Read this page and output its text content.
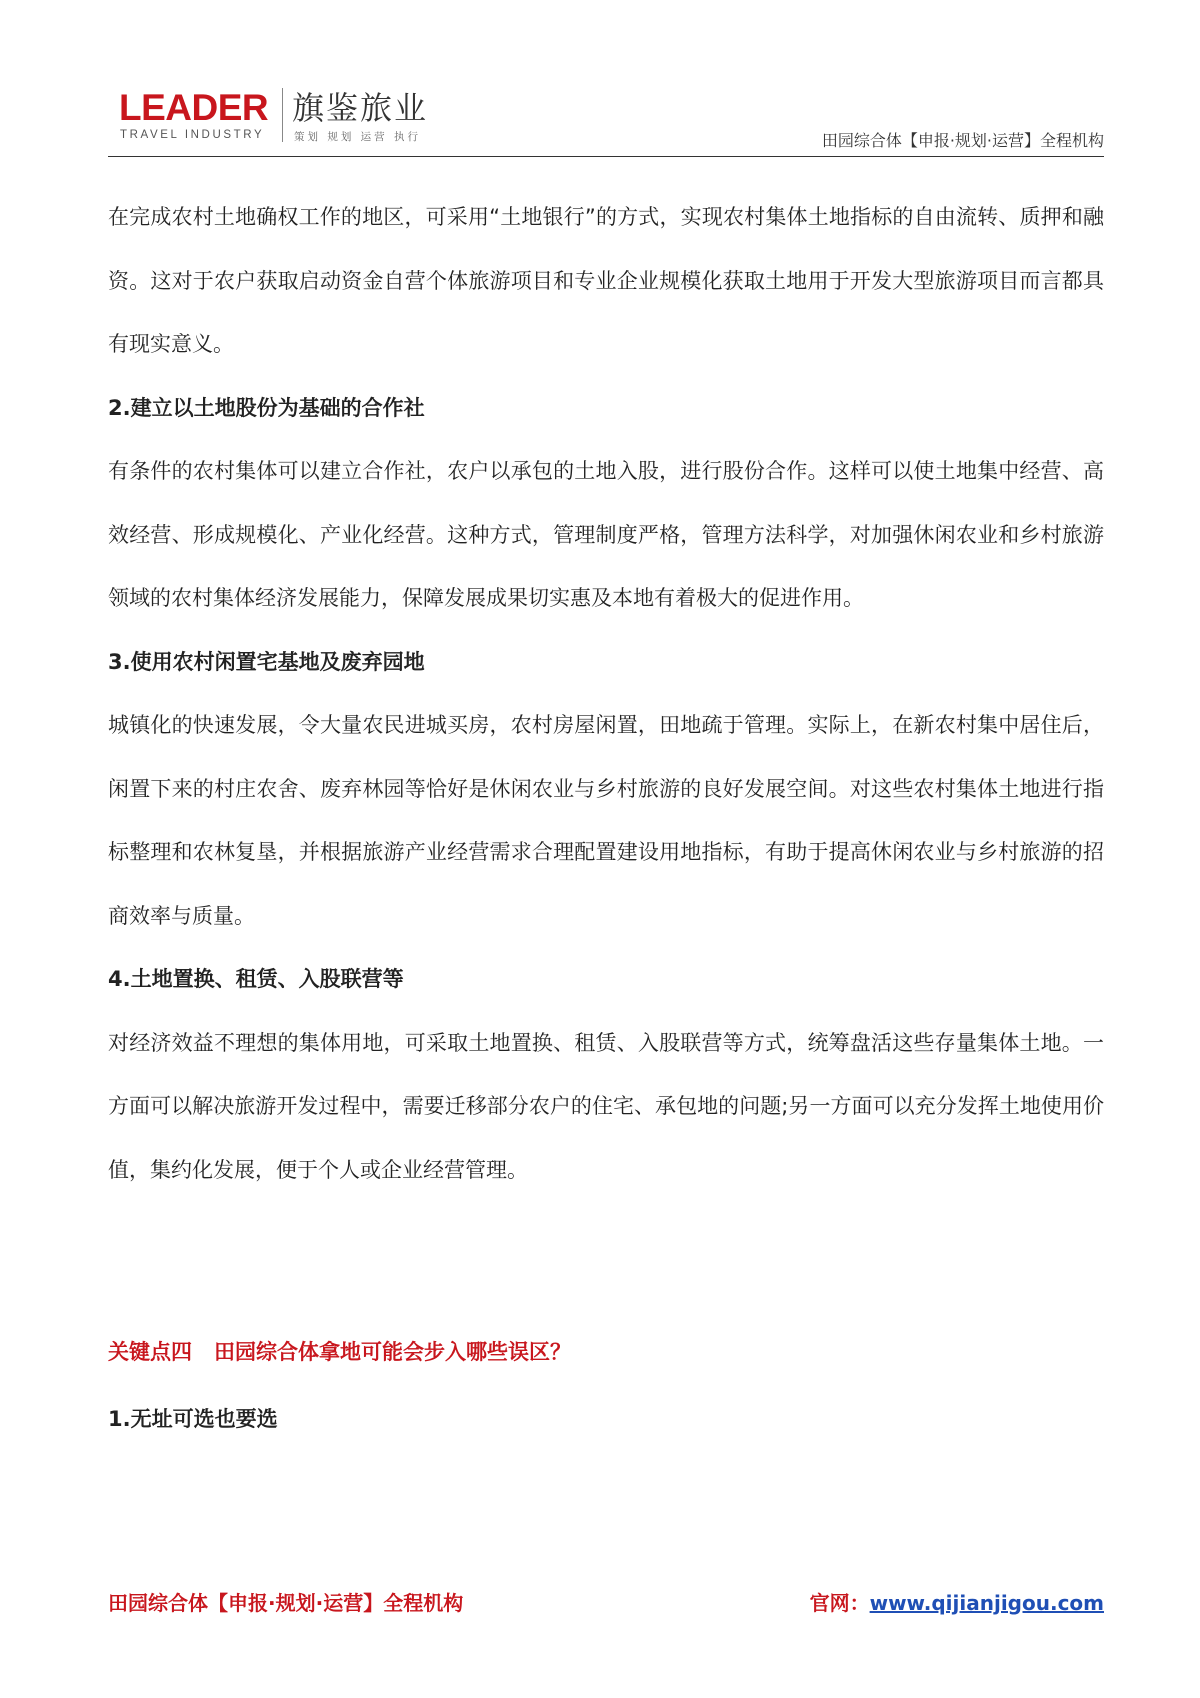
LEADER
TRAVEL INDUSTRY
旗鉴旅业
策划 规划 运营 执行	田园综合体【申报·规划·运营】全程机构

在完成农村土地确权工作的地区，可采用“土地银行”的方式，实现农村集体土地指标的自由流转、质押和融资。这对于农户获取启动资金自营个体旅游项目和专业企业规模化获取土地用于开发大型旅游项目而言都具有现实意义。

2.建立以土地股份为基础的合作社

有条件的农村集体可以建立合作社，农户以承包的土地入股，进行股份合作。这样可以使土地集中经营、高效经营、形成规模化、产业化经营。这种方式，管理制度严格，管理方法科学，对加强休闲农业和乡村旅游领域的农村集体经济发展能力，保障发展成果切实惠及本地有着极大的促进作用。

3.使用农村闲置宅基地及废弃园地

城镇化的快速发展，令大量农民进城买房，农村房屋闲置，田地疏于管理。实际上，在新农村集中居住后，闲置下来的村庄农舍、废弃林园等恰好是休闲农业与乡村旅游的良好发展空间。对这些农村集体土地进行指标整理和农林复垦，并根据旅游产业经营需求合理配置建设用地指标，有助于提高休闲农业与乡村旅游的招商效率与质量。

4.土地置换、租赁、入股联营等

对经济效益不理想的集体用地，可采取土地置换、租赁、入股联营等方式，统筹盘活这些存量集体土地。一方面可以解决旅游开发过程中，需要迁移部分农户的住宅、承包地的问题;另一方面可以充分发挥土地使用价值，集约化发展，便于个人或企业经营管理。

关键点四 田园综合体拿地可能会步入哪些误区？
1.无址可选也要选
田园综合体【申报·规划·运营】全程机构	官网：www.qijianjigou.com
